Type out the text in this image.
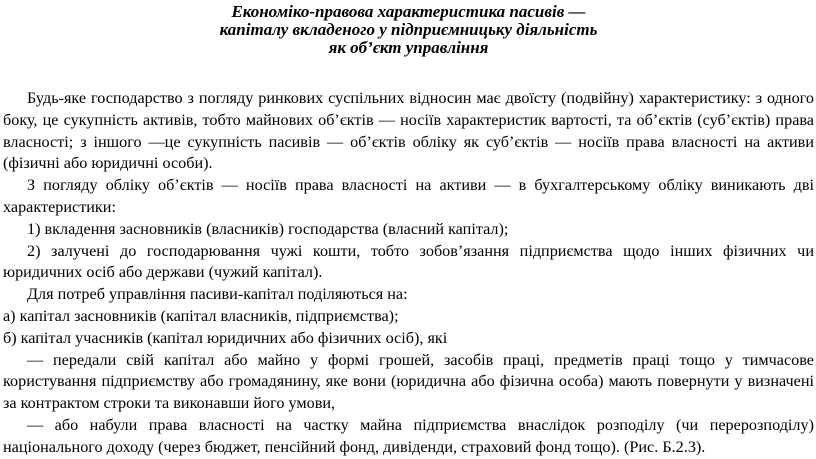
Економіко-правова характеристика пасивів —
капіталу вкладеного у підприємницьку діяльність
як об’єкт управління

Будь-яке господарство з погляду ринкових суспільних відносин має двоїсту (подвійну) характеристику: з одного боку, це сукупність активів, тобто майнових об’єктів — носіїв характеристик вартості, та об’єктів (суб’єктів) права власності; з іншого —це сукупність пасивів — об’єктів обліку як суб’єктів — носіїв права власності на активи (фізичні або юридичні особи).

З погляду обліку об’єктів — носіїв права власності на активи — в бухгалтерському обліку виникають дві характеристики:

1) вкладення засновників (власників) господарства (власний капітал);

2) залучені до господарювання чужі кошти, тобто зобов’язання підприємства щодо інших фізичних чи юридичних осіб або держави (чужий капітал).

Для потреб управління пасиви-капітал поділяються на:

а) капітал засновників (капітал власників, підприємства);

б) капітал учасників (капітал юридичних або фізичних осіб), які

— передали свій капітал або майно у формі грошей, засобів праці, предметів праці тощо у тимчасове користування підприємству або громадянину, яке вони (юридична або фізична особа) мають повернути у визначені за контрактом строки та виконавши його умови,

— або набули права власності на частку майна підприємства внаслідок розподілу (чи перерозподілу) національного доходу (через бюджет, пенсійний фонд, дивіденди, страховий фонд тощо). (Рис. Б.2.3).
